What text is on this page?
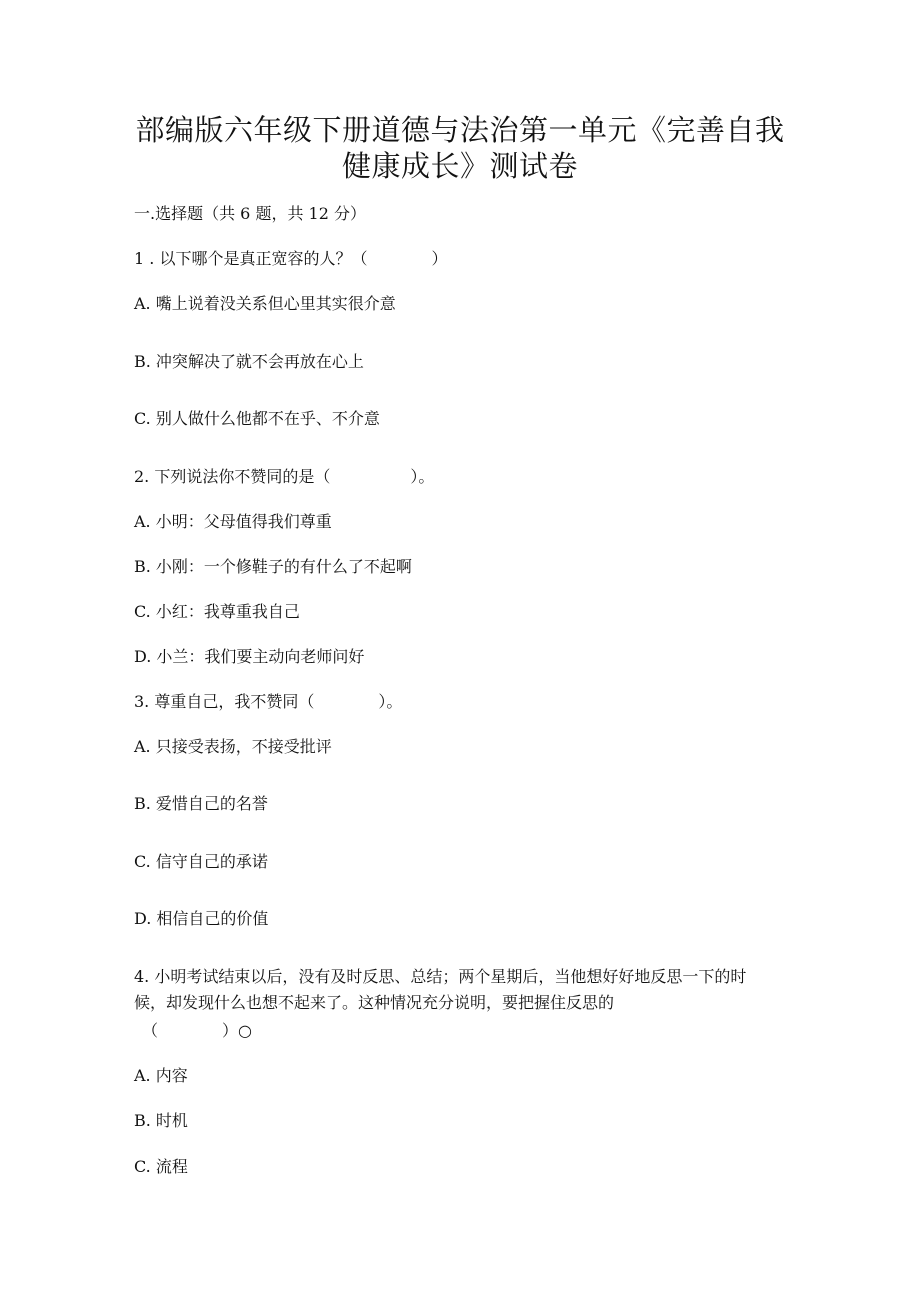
部编版六年级下册道德与法治第一单元《完善自我
健康成长》测试卷
一.选择题（共 6 题，共 12 分）
1 . 以下哪个是真正宽容的人？（　　　　）
A. 嘴上说着没关系但心里其实很介意
B. 冲突解决了就不会再放在心上
C. 别人做什么他都不在乎、不介意
2. 下列说法你不赞同的是（　　　　　）。
A. 小明：父母值得我们尊重
B. 小刚：一个修鞋子的有什么了不起啊
C. 小红：我尊重我自己
D. 小兰：我们要主动向老师问好
3. 尊重自己，我不赞同（　　　　）。
A. 只接受表扬，不接受批评
B. 爱惜自己的名誉
C. 信守自己的承诺
D. 相信自己的价值
4. 小明考试结束以后，没有及时反思、总结；两个星期后，当他想好好地反思一下的时
候，却发现什么也想不起来了。这种情况充分说明，要把握住反思的
（　　　　）○
A. 内容
B. 时机
C. 流程
